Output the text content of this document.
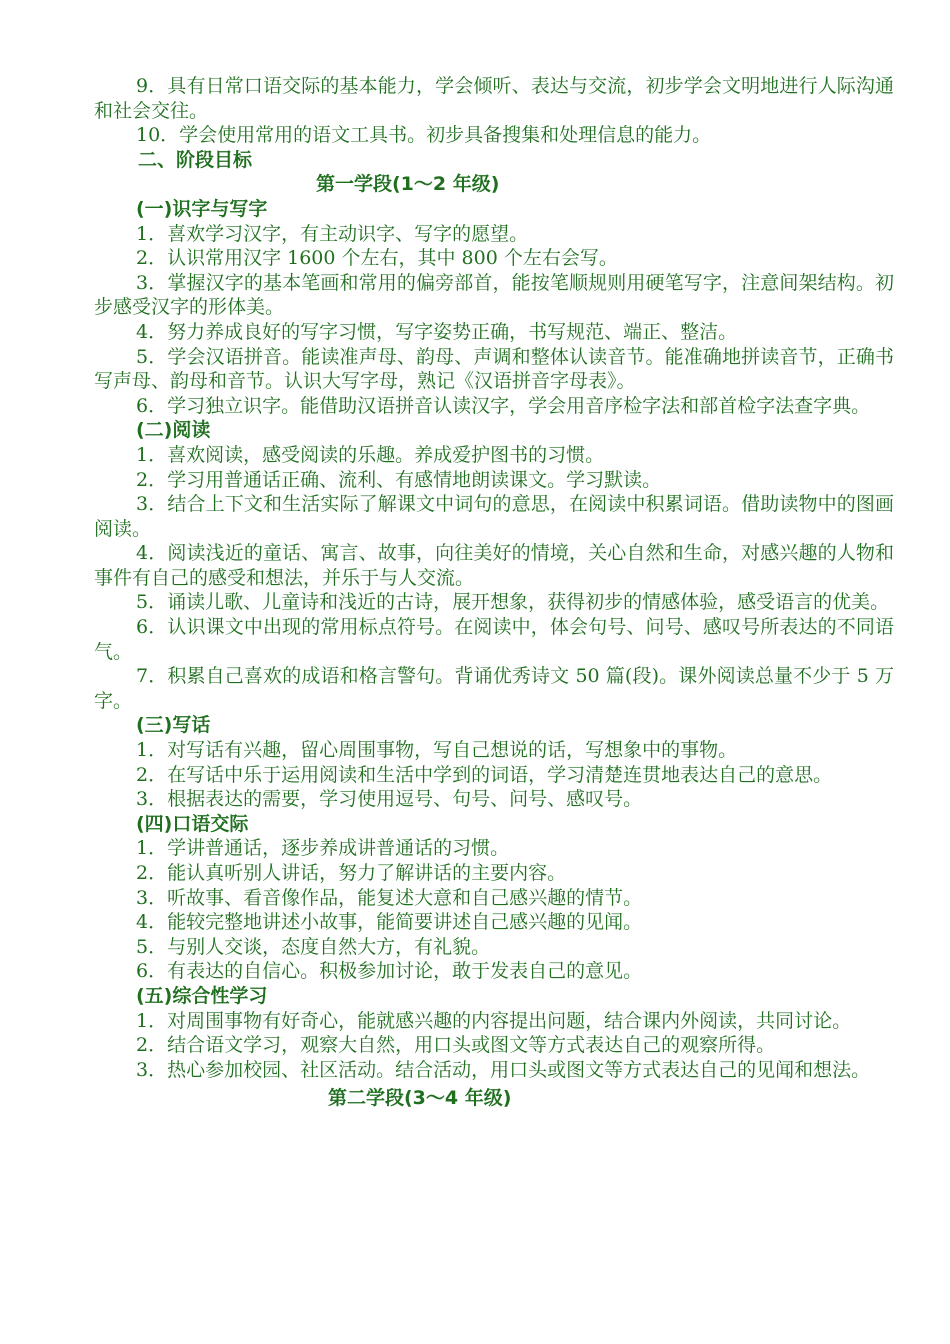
9．具有日常口语交际的基本能力，学会倾听、表达与交流，初步学会文明地进行人际沟通和社会交往。

10．学会使用常用的语文工具书。初步具备搜集和处理信息的能力。

二、阶段目标

第一学段(1～2 年级)

(一)识字与写字

1．喜欢学习汉字，有主动识字、写字的愿望。

2．认识常用汉字 1600 个左右，其中 800 个左右会写。

3．掌握汉字的基本笔画和常用的偏旁部首，能按笔顺规则用硬笔写字，注意间架结构。初步感受汉字的形体美。

4．努力养成良好的写字习惯，写字姿势正确，书写规范、端正、整洁。

5．学会汉语拼音。能读准声母、韵母、声调和整体认读音节。能准确地拼读音节，正确书写声母、韵母和音节。认识大写字母，熟记《汉语拼音字母表》。

6．学习独立识字。能借助汉语拼音认读汉字，学会用音序检字法和部首检字法查字典。

(二)阅读

1．喜欢阅读，感受阅读的乐趣。养成爱护图书的习惯。

2．学习用普通话正确、流利、有感情地朗读课文。学习默读。

3．结合上下文和生活实际了解课文中词句的意思，在阅读中积累词语。借助读物中的图画阅读。

4．阅读浅近的童话、寓言、故事，向往美好的情境，关心自然和生命，对感兴趣的人物和事件有自己的感受和想法，并乐于与人交流。

5．诵读儿歌、儿童诗和浅近的古诗，展开想象，获得初步的情感体验，感受语言的优美。

6．认识课文中出现的常用标点符号。在阅读中，体会句号、问号、感叹号所表达的不同语气。

7．积累自己喜欢的成语和格言警句。背诵优秀诗文 50 篇(段)。课外阅读总量不少于 5 万字。

(三)写话

1．对写话有兴趣，留心周围事物，写自己想说的话，写想象中的事物。

2．在写话中乐于运用阅读和生活中学到的词语，学习清楚连贯地表达自己的意思。

3．根据表达的需要，学习使用逗号、句号、问号、感叹号。

(四)口语交际

1．学讲普通话，逐步养成讲普通话的习惯。

2．能认真听别人讲话，努力了解讲话的主要内容。

3．听故事、看音像作品，能复述大意和自己感兴趣的情节。

4．能较完整地讲述小故事，能简要讲述自己感兴趣的见闻。

5．与别人交谈，态度自然大方，有礼貌。

6．有表达的自信心。积极参加讨论，敢于发表自己的意见。

(五)综合性学习

1．对周围事物有好奇心，能就感兴趣的内容提出问题，结合课内外阅读，共同讨论。

2．结合语文学习，观察大自然，用口头或图文等方式表达自己的观察所得。

3．热心参加校园、社区活动。结合活动，用口头或图文等方式表达自己的见闻和想法。

第二学段(3～4 年级)
